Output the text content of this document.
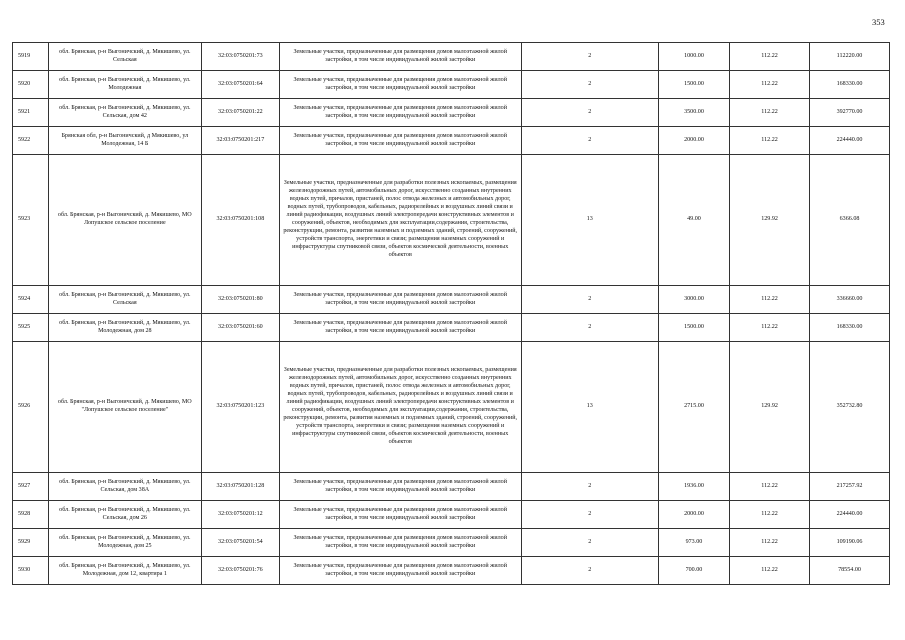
353
5919	обл. Брянская, р-н Выгоничский, д. Мякишево, ул. Сельская	32:03:0750201:73	Земельные участки, предназначенные для размещения домов малоэтажной жилой застройки, в том числе индивидуальной жилой застройки	2	1000.00	112.22	112220.00
5920	обл. Брянская, р-н Выгоничский, д. Мякишево, ул. Молодежная	32:03:0750201:64	Земельные участки, предназначенные для размещения домов малоэтажной жилой застройки, в том числе индивидуальной жилой застройки	2	1500.00	112.22	168330.00
5921	обл. Брянская, р-н Выгоничский, д. Мякишево, ул. Сельская, дом 42	32:03:0750201:22	Земельные участки, предназначенные для размещения домов малоэтажной жилой застройки, в том числе индивидуальной жилой застройки	2	3500.00	112.22	392770.00
5922	Брянская обл, р-н Выгоничский, д Мякишево, ул Молодежная, 14 Б	32:03:0750201:217	Земельные участки, предназначенные для размещения домов малоэтажной жилой застройки, в том числе индивидуальной жилой застройки	2	2000.00	112.22	224440.00
5923	обл. Брянская, р-н Выгоничский, д. Мякишево, МО Лопушское сельское поселение	32:03:0750201:108	Земельные участки, предназначенные для разработки полезных ископаемых, размещения железнодорожных путей, автомобильных дорог, искусственно созданных внутренних водных путей, причалов, пристаней, полос отвода железных и автомобильных дорог, водных путей, трубопроводов, кабельных, радиорелейных и воздушных линий связи и линий радиофикации, воздушных линий электропередачи конструктивных элементов и сооружений, объектов, необходимых для эксплуатации,содержания, строительства, реконструкции, ремонта, развития наземных и подземных зданий, строений, сооружений, устройств транспорта, энергетики и связи; размещения наземных сооружений и инфраструктуры спутниковой связи, объектов космической деятельности, военных объектов	13	49.00	129.92	6366.08
5924	обл. Брянская, р-н Выгоничский, д. Мякишево, ул. Сельская	32:03:0750201:80	Земельные участки, предназначенные для размещения домов малоэтажной жилой застройки, в том числе индивидуальной жилой застройки	2	3000.00	112.22	336660.00
5925	обл. Брянская, р-н Выгоничский, д. Мякишево, ул. Молодежная, дом 28	32:03:0750201:60	Земельные участки, предназначенные для размещения домов малоэтажной жилой застройки, в том числе индивидуальной жилой застройки	2	1500.00	112.22	168330.00
5926	обл. Брянская, р-н Выгоничский, д. Мякишево, МО "Лопушское сельское поселение"	32:03:0750201:123	Земельные участки, предназначенные для разработки полезных ископаемых, размещения железнодорожных путей, автомобильных дорог, искусственно созданных внутренних водных путей, причалов, пристаней, полос отвода железных и автомобильных дорог, водных путей, трубопроводов, кабельных, радиорелейных и воздушных линий связи и линий радиофикации, воздушных линий электропередачи конструктивных элементов и сооружений, объектов, необходимых для эксплуатации,содержания, строительства, реконструкции, ремонта, развития наземных и подземных зданий, строений, сооружений, устройств транспорта, энергетики и связи; размещения наземных сооружений и инфраструктуры спутниковой связи, объектов космической деятельности, военных объектов	13	2715.00	129.92	352732.80
5927	обл. Брянская, р-н Выгоничский, д. Мякишево, ул. Сельская, дом 38А	32:03:0750201:128	Земельные участки, предназначенные для размещения домов малоэтажной жилой застройки, в том числе индивидуальной жилой застройки	2	1936.00	112.22	217257.92
5928	обл. Брянская, р-н Выгоничский, д. Мякишево, ул. Сельская, дом 26	32:03:0750201:12	Земельные участки, предназначенные для размещения домов малоэтажной жилой застройки, в том числе индивидуальной жилой застройки	2	2000.00	112.22	224440.00
5929	обл. Брянская, р-н Выгоничский, д. Мякишево, ул. Молодежная, дом 25	32:03:0750201:54	Земельные участки, предназначенные для размещения домов малоэтажной жилой застройки, в том числе индивидуальной жилой застройки	2	973.00	112.22	109190.06
5930	обл. Брянская, р-н Выгоничский, д. Мякишево, ул. Молодежная, дом 12, квартира 1	32:03:0750201:76	Земельные участки, предназначенные для размещения домов малоэтажной жилой застройки, в том числе индивидуальной жилой застройки	2	700.00	112.22	78554.00
